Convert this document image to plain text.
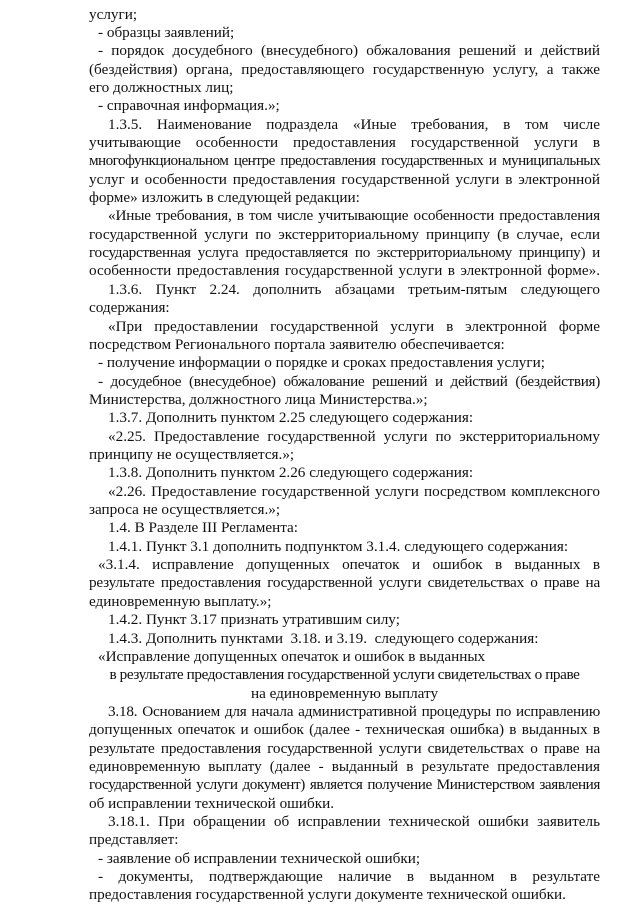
услуги;
- образцы заявлений;
- порядок досудебного (внесудебного) обжалования решений и действий
(бездействия) органа, предоставляющего государственную услугу, а также
его должностных лиц;
- справочная информация.»;
1.3.5. Наименование подраздела «Иные требования, в том числе
учитывающие особенности предоставления государственной услуги в
многофункциональном центре предоставления государственных и муниципальных
услуг и особенности предоставления государственной услуги в электронной
форме» изложить в следующей редакции:
«Иные требования, в том числе учитывающие особенности предоставления
государственной услуги по экстерриториальному принципу (в случае, если
государственная услуга предоставляется по экстерриториальному принципу) и
особенности предоставления государственной услуги в электронной форме».
1.3.6. Пункт 2.24. дополнить абзацами третьим-пятым следующего
содержания:
«При предоставлении государственной услуги в электронной форме
посредством Регионального портала заявителю обеспечивается:
- получение информации о порядке и сроках предоставления услуги;
- досудебное (внесудебное) обжалование решений и действий (бездействия)
Министерства, должностного лица Министерства.»;
1.3.7. Дополнить пунктом 2.25 следующего содержания:
«2.25. Предоставление государственной услуги по экстерриториальному
принципу не осуществляется.»;
1.3.8. Дополнить пунктом 2.26 следующего содержания:
«2.26. Предоставление государственной услуги посредством комплексного
запроса не осуществляется.»;
1.4. В Разделе III Регламента:
1.4.1. Пункт 3.1 дополнить подпунктом 3.1.4. следующего содержания:
«3.1.4. исправление допущенных опечаток и ошибок в выданных в
результате предоставления государственной услуги свидетельствах о праве на
единовременную выплату.»;
1.4.2. Пункт 3.17 признать утратившим силу;
1.4.3. Дополнить пунктами  3.18. и 3.19.  следующего содержания:
«Исправление допущенных опечаток и ошибок в выданных
в результате предоставления государственной услуги свидетельствах о праве
на единовременную выплату
3.18. Основанием для начала административной процедуры по исправлению
допущенных опечаток и ошибок (далее - техническая ошибка) в выданных в
результате предоставления государственной услуги свидетельствах о праве на
единовременную выплату (далее - выданный в результате предоставления
государственной услуги документ) является получение Министерством заявления
об исправлении технической ошибки.
3.18.1. При обращении об исправлении технической ошибки заявитель
представляет:
- заявление об исправлении технической ошибки;
- документы, подтверждающие наличие в выданном в результате
предоставления государственной услуги документе технической ошибки.
